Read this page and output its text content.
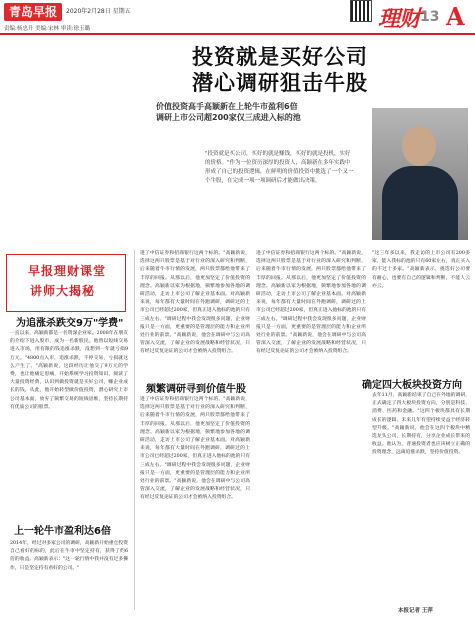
青岛早报	2020年2月28日 星期五
责编:杨忠升 美编:宋林 审读:徐玉璐	理财 13 A
投资就是买好公司
潜心调研狙击牛股
价值投资高手高颖新在上轮牛市盈利6倍
调研上市公司超200家仅三成进入标的池
"投资就是买公司，买好的就是赚钱，买好的就是投机，实好的价格。"作为一位资历深厚的投资人，高颖新在多年实践中形成了自己的投资逻辑，在鲜明的价值投资中挑选了一个又一个牛股，在完成一项一项调研后才能做出决策。
早报理财课堂
讲师大揭秘
为追涨杀跌交9万"学费"
一直以来，高颖新都是一名资深企业家。2008年在朋友的介绍下进入股市，成为一名新股民。他曾以短线交易进入市场，用有限的钱追涨杀跌，没想到一年就亏损9万元。"4800点入市，追涨杀跌，不停交易，亏损就这么产生了。"高颖新说，这段经历让他交了9万元的学费，也让他痛定思痛，开始系统学习投资知识，阅读了大量投资经典，认识到做投资就是买好公司，赚企业成长的钱。从此，他开始转型做价值投资，潜心研究上市公司基本面，放弃了频繁交易的短线思维，坚持长期持有优质公司的股票。
上一轮牛市盈利达6倍
2014年，经过对多家公司的调研，高颖新开始重仓投资自己看好的标的，此后在牛市中坚定持有，获得了约6倍的收益。高颖新表示："这一轮行情中我并没有过多操作，只是坚定持有看好的公司。"
进了中信证券和招商银行这两个标的。"高颖新说，选择这两只股票是基于对行业的深入研究和判断，后来随着牛市行情的发展，两只股票都给他带来了丰厚的回报。从那以后，他更加坚定了价值投资的理念。高颖新以家为根据地，频繁地参加各地的调研活动，走访上市公司了解企业基本面。对高颖新来说，每年都有大量时间在外跑调研，调研过的上市公司已经超过200家，但真正进入他标的池的只有三成左右。"调研过程中我会发现很多问题，企业财报只是一方面，更重要的是管理层的能力和企业所处行业的前景。"高颖新说，他会在调研中与公司高管深入交流，了解企业的发展战略和经营状况，只有经过反复论证的公司才会被纳入投资组合。
频繁调研寻到价值牛股
进了中信证券和招商银行这两个标的。"高颖新说，选择这两只股票是基于对行业的深入研究和判断，后来随着牛市行情的发展，两只股票都给他带来了丰厚的回报。从那以后，他更加坚定了价值投资的理念。高颖新以家为根据地，频繁地参加各地的调研活动，走访上市公司了解企业基本面。对高颖新来说，每年都有大量时间在外跑调研，调研过的上市公司已经超过200家，但真正进入他标的池的只有三成左右。"调研过程中我会发现很多问题，企业财报只是一方面，更重要的是管理层的能力和企业所处行业的前景。"高颖新说，他会在调研中与公司高管深入交流，了解企业的发展战略和经营状况，只有经过反复论证的公司才会被纳入投资组合。
进了中信证券和招商银行这两个标的。"高颖新说，选择这两只股票是基于对行业的深入研究和判断，后来随着牛市行情的发展，两只股票都给他带来了丰厚的回报。从那以后，他更加坚定了价值投资的理念。高颖新以家为根据地，频繁地参加各地的调研活动，走访上市公司了解企业基本面。对高颖新来说，每年都有大量时间在外跑调研，调研过的上市公司已经超过200家，但真正进入他标的池的只有三成左右。"调研过程中我会发现很多问题，企业财报只是一方面，更重要的是管理层的能力和企业所处行业的前景。"高颖新说，他会在调研中与公司高管深入交流，了解企业的发展战略和经营状况，只有经过反复论证的公司才会被纳入投资组合。
"这三年多以来，我走访的上市公司有200多家，能入我标的池的只有60家左右，真正买入的不过十多家。"高颖新表示，挑选好公司要有耐心，也要有自己的逻辑和判断，不能人云亦云。
确定四大板块投资方向
去年11月，高颖新结束了自己在外地的调研，正式确定了四大板块投资方向，分别是科技、消费、医药和金融。"这四个板块都具有长期成长的逻辑，未来几年有望持续受益于经济转型升级。"高颖新说，他会在这四个板块中精选龙头公司，长期持有，分享企业成长带来的收益。他认为，普通投资者也应该树立正确的投资理念，远离追涨杀跌，坚持价值投资。
本报记者 王萍
